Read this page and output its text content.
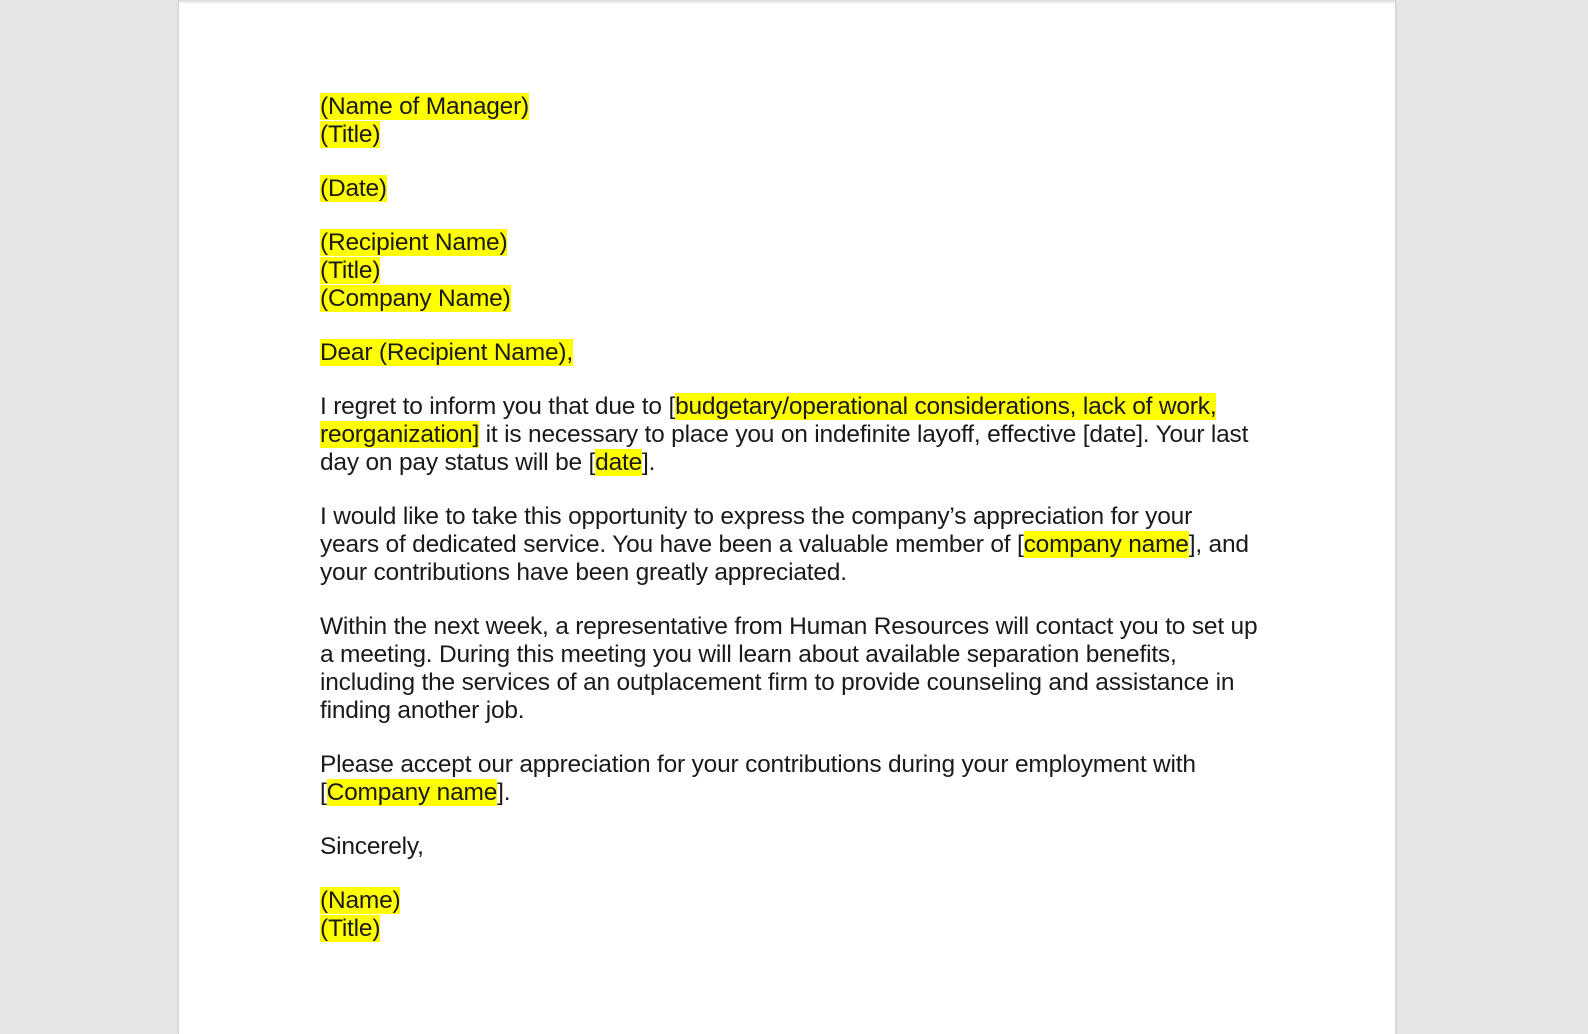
(Name of Manager)
(Title)
(Date)
(Recipient Name)
(Title)
(Company Name)
Dear (Recipient Name),
I regret to inform you that due to [budgetary/operational considerations, lack of work,
reorganization] it is necessary to place you on indefinite layoff, effective [date]. Your last
day on pay status will be [date].
I would like to take this opportunity to express the company’s appreciation for your
years of dedicated service. You have been a valuable member of [company name], and
your contributions have been greatly appreciated.
Within the next week, a representative from Human Resources will contact you to set up
a meeting. During this meeting you will learn about available separation benefits,
including the services of an outplacement firm to provide counseling and assistance in
finding another job.
Please accept our appreciation for your contributions during your employment with
[Company name].
Sincerely,
(Name)
(Title)
